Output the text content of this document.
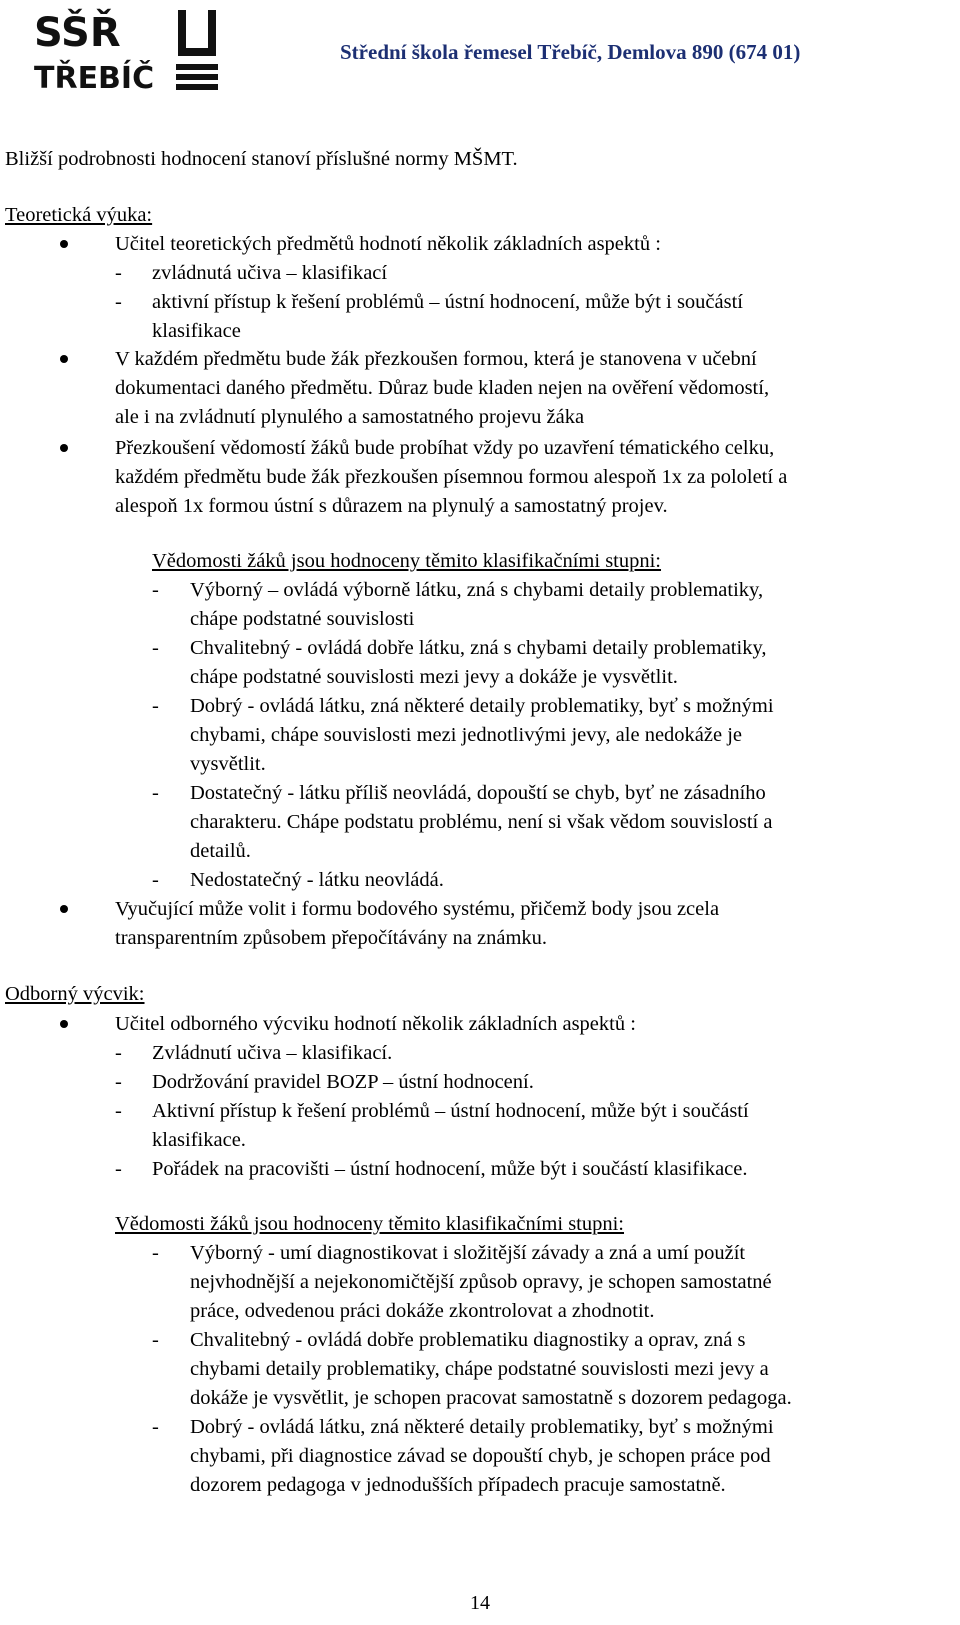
SŠŘ
TŘEBÍČ
Střední škola řemesel Třebíč, Demlova 890 (674 01)
Bližší podrobnosti hodnocení stanoví příslušné normy MŠMT.
Teoretická výuka:
Učitel teoretických předmětů hodnotí několik základních aspektů :
- zvládnutá učiva – klasifikací
- aktivní přístup k řešení problémů – ústní hodnocení, může být i součástí
klasifikace
V každém předmětu bude žák přezkoušen formou, která je stanovena v učební
dokumentaci daného předmětu. Důraz bude kladen nejen na ověření vědomostí,
ale i na zvládnutí plynulého a samostatného projevu žáka
Přezkoušení vědomostí žáků bude probíhat vždy po uzavření tématického celku,
každém předmětu bude žák přezkoušen písemnou formou alespoň 1x za pololetí a
alespoň 1x formou ústní s důrazem na plynulý a samostatný projev.
Vědomosti žáků jsou hodnoceny těmito klasifikačními stupni:
- Výborný – ovládá výborně látku, zná s chybami detaily problematiky,
chápe podstatné souvislosti
- Chvalitebný - ovládá dobře látku, zná s chybami detaily problematiky,
chápe podstatné souvislosti mezi jevy a dokáže je vysvětlit.
- Dobrý - ovládá látku, zná některé detaily problematiky, byť s možnými
chybami, chápe souvislosti mezi jednotlivými jevy, ale nedokáže je
vysvětlit.
- Dostatečný - látku příliš neovládá, dopouští se chyb, byť ne zásadního
charakteru. Chápe podstatu problému, není si však vědom souvislostí a
detailů.
- Nedostatečný - látku neovládá.
Vyučující může volit i formu bodového systému, přičemž body jsou zcela
transparentním způsobem přepočítávány na známku.
Odborný výcvik:
Učitel odborného výcviku hodnotí několik základních aspektů :
- Zvládnutí učiva – klasifikací.
- Dodržování pravidel BOZP – ústní hodnocení.
- Aktivní přístup k řešení problémů – ústní hodnocení, může být i součástí
klasifikace.
- Pořádek na pracovišti – ústní hodnocení, může být i součástí klasifikace.
Vědomosti žáků jsou hodnoceny těmito klasifikačními stupni:
- Výborný - umí diagnostikovat i složitější závady a zná a umí použít
nejvhodnější a nejekonomičtější způsob opravy, je schopen samostatné
práce, odvedenou práci dokáže zkontrolovat a zhodnotit.
- Chvalitebný - ovládá dobře problematiku diagnostiky a oprav, zná s
chybami detaily problematiky, chápe podstatné souvislosti mezi jevy a
dokáže je vysvětlit, je schopen pracovat samostatně s dozorem pedagoga.
- Dobrý - ovládá látku, zná některé detaily problematiky, byť s možnými
chybami, při diagnostice závad se dopouští chyb, je schopen práce pod
dozorem pedagoga v jednodušších případech pracuje samostatně.
14
